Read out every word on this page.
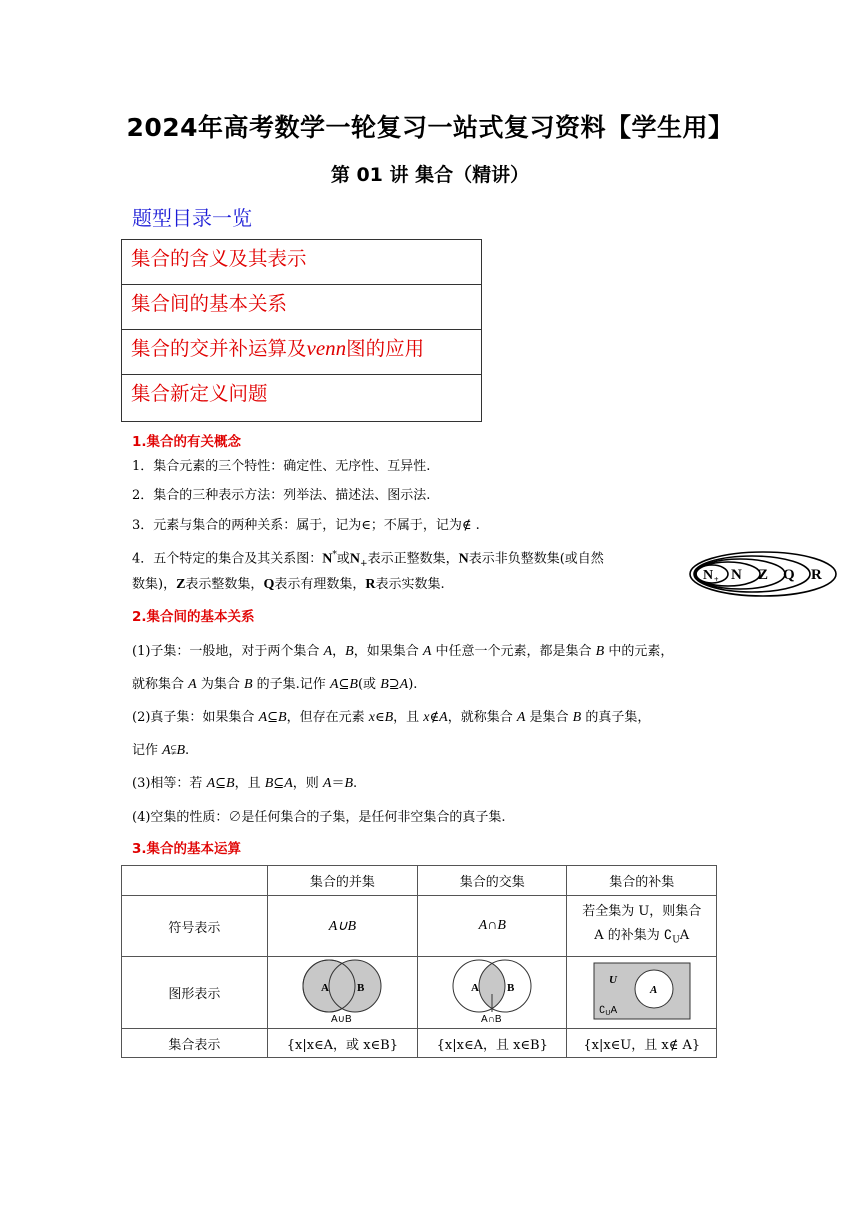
2024年高考数学一轮复习一站式复习资料【学生用】
第 01 讲 集合（精讲）
题型目录一览
集合的含义及其表示
集合间的基本关系
集合的交并补运算及venn图的应用
集合新定义问题
1.集合的有关概念
1．集合元素的三个特性：确定性、无序性、互异性.
2．集合的三种表示方法：列举法、描述法、图示法.
3．元素与集合的两种关系：属于，记为∈；不属于，记为∉ .
4．五个特定的集合及其关系图：N*或$N_+$表示正整数集，N表示非负整数集(或自然
数集)，Z表示整数集，Q表示有理数集，R表示实数集.
N + N Z Q R
2.集合间的基本关系
(1)子集：一般地，对于两个集合 A，B，如果集合 A 中任意一个元素，都是集合 B 中的元素，
就称集合 A 为集合 B 的子集.记作 A⊆B(或 B⊇A).
(2)真子集：如果集合 A⊆B，但存在元素 x∈B，且 x∉A，就称集合 A 是集合 B 的真子集，
记作 A⫋B.
(3)相等：若 A⊆B，且 B⊆A，则 A＝B.
(4)空集的性质：∅是任何集合的子集，是任何非空集合的真子集.
3.集合的基本运算
	集合的并集	集合的交集	集合的补集
符号表示	A∪B	A∩B	若全集为 U，则集合
A 的补集为 $∁_UA$

图形表示	A B
A∪B	A B
A∩B	U
A
$∁_UA$

集合表示	{x|x∈A，或 x∈B}	{x|x∈A，且 x∈B}	{x|x∈U，且 x∉ A}
